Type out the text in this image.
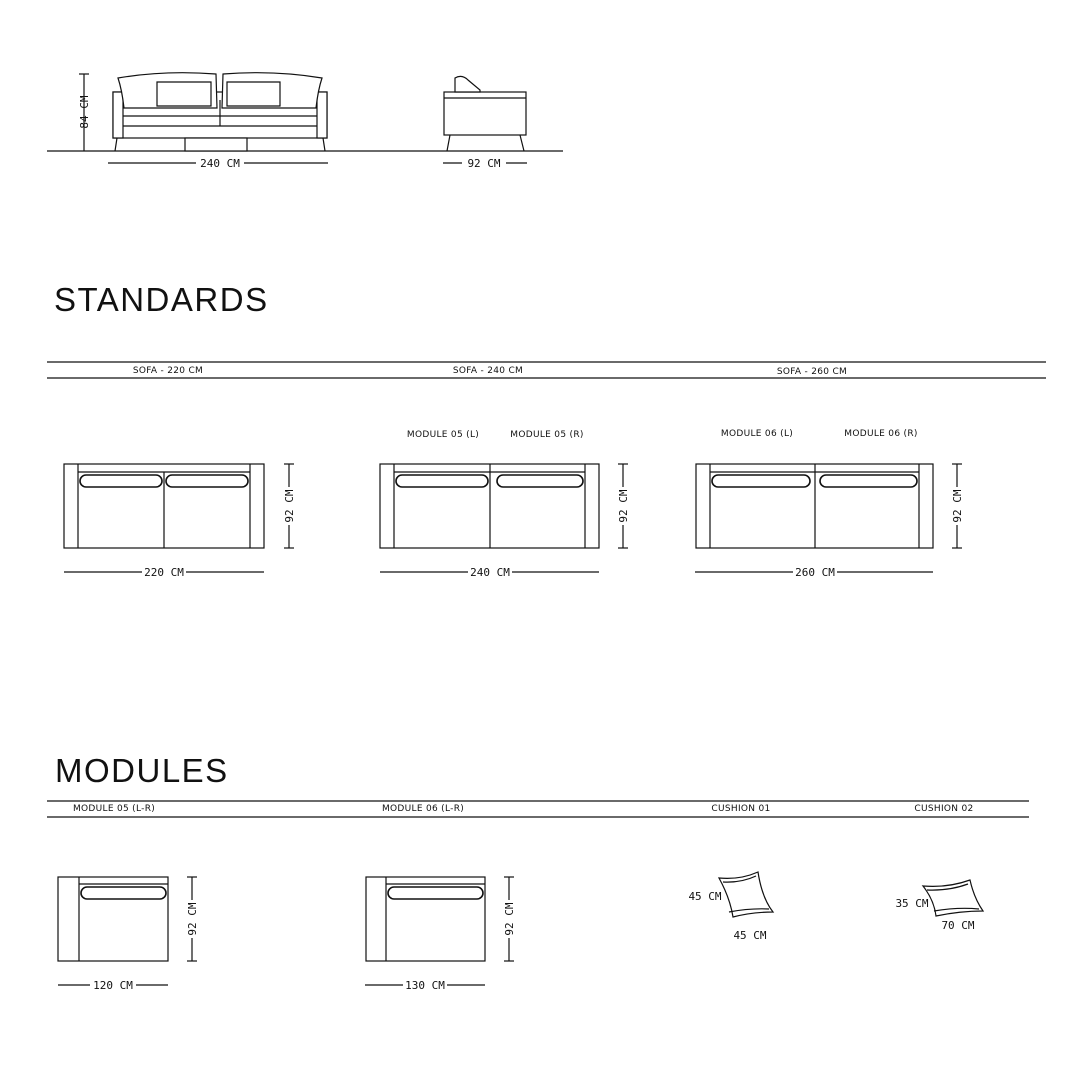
84 CM
240 CM	92 CM
STANDARDS
SOFA - 220 CM	SOFA - 240 CM	SOFA - 260 CM
92 CM
220 CM
MODULE 05 (L)	MODULE 05 (R)
92 CM
240 CM
MODULE 06 (L)	MODULE 06 (R)
92 CM
260 CM
MODULES
MODULE 05 (L-R)	MODULE 06 (L-R)	CUSHION 01	CUSHION 02
92 CM
120 CM
92 CM
130 CM
45 CM
45 CM
35 CM
70 CM
